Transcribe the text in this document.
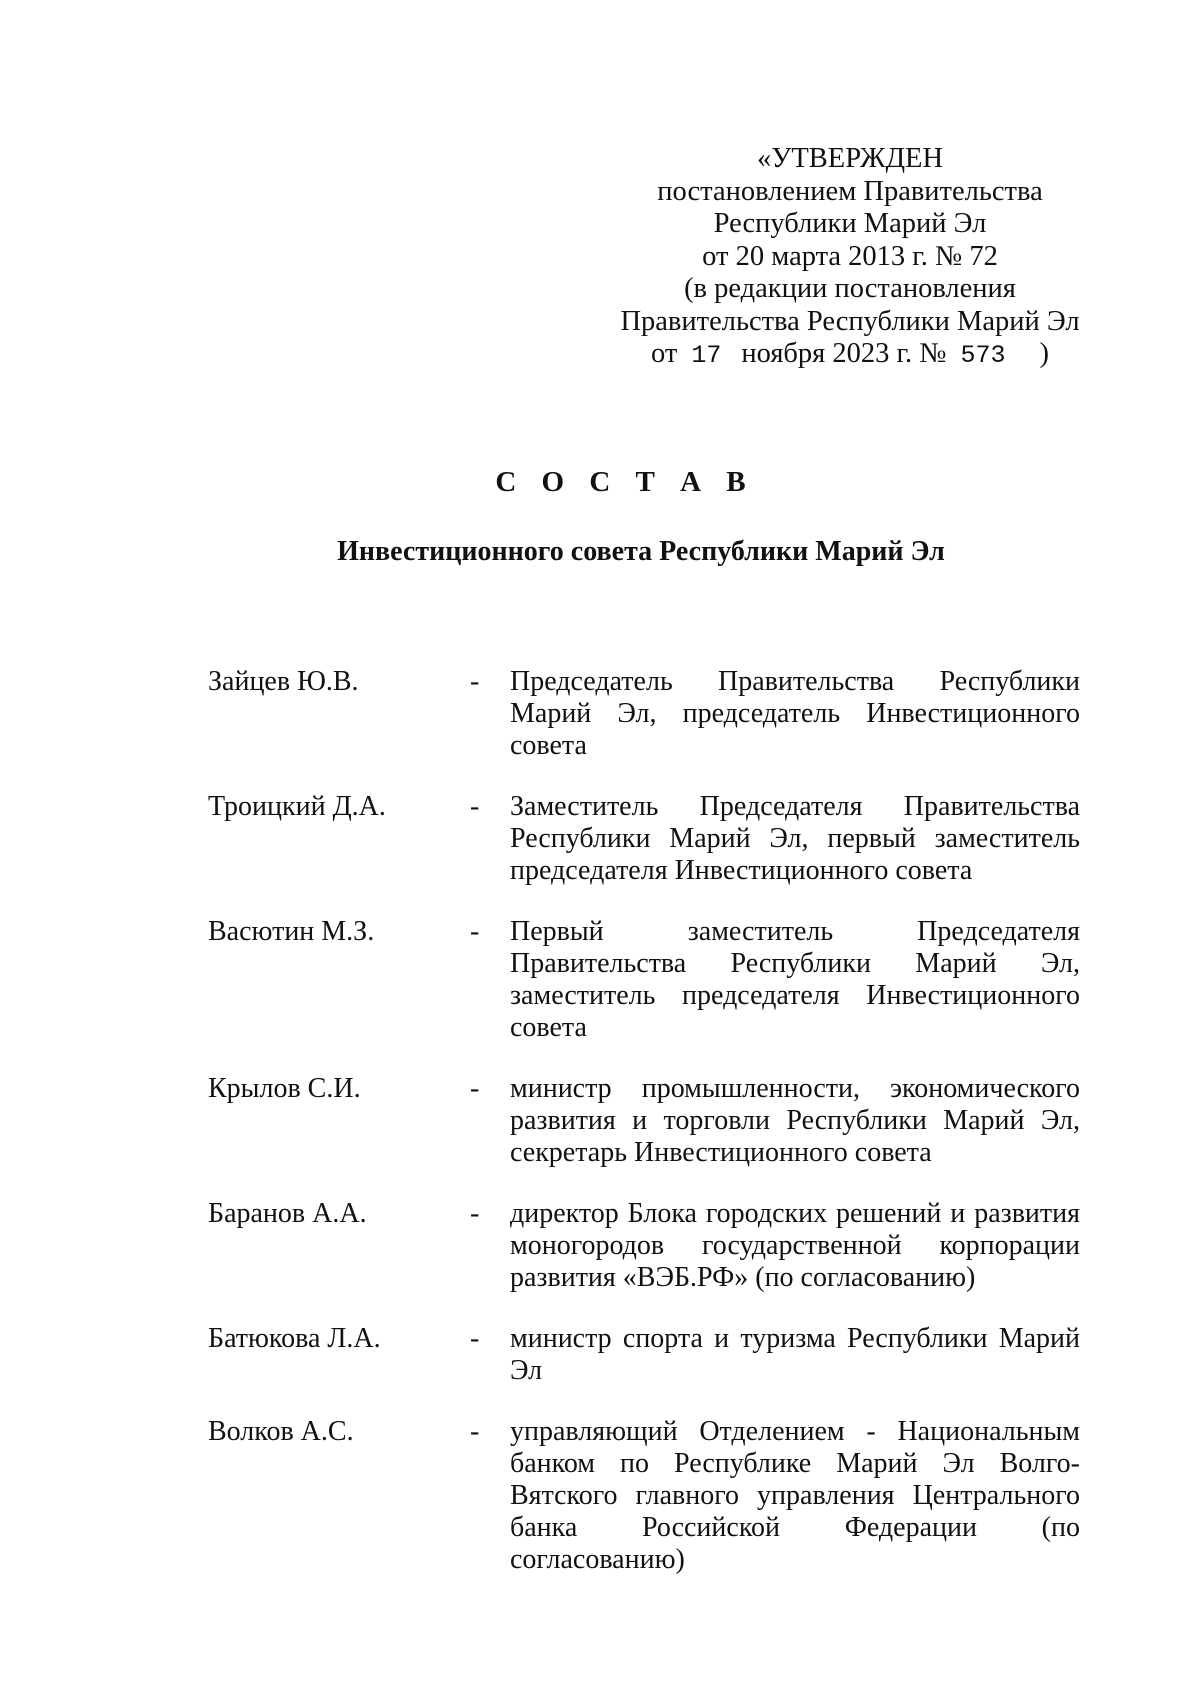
«УТВЕРЖДЕН
постановлением Правительства
Республики Марий Эл
от 20 марта 2013 г. № 72
(в редакции постановления
Правительства Республики Марий Эл
от 17 ноября 2023 г. № 573 )
С О С Т А В
Инвестиционного совета Республики Марий Эл
Зайцев Ю.В.	-	Председатель Правительства Республики Марий Эл, председатель Инвестиционного совета
Троицкий Д.А.	-	Заместитель Председателя Правительства Республики Марий Эл, первый заместитель председателя Инвестиционного совета
Васютин М.З.	-	Первый заместитель Председателя Правительства Республики Марий Эл, заместитель председателя Инвестиционного совета
Крылов С.И.	-	министр промышленности, экономического развития и торговли Республики Марий Эл, секретарь Инвестиционного совета
Баранов А.А.	-	директор Блока городских решений и развития моногородов государственной корпорации развития «ВЭБ.РФ» (по согласованию)
Батюкова Л.А.	-	министр спорта и туризма Республики Марий Эл
Волков А.С.	-	управляющий Отделением - Национальным банком по Республике Марий Эл Волго-Вятского главного управления Центрального банка Российской Федерации (по согласованию)
